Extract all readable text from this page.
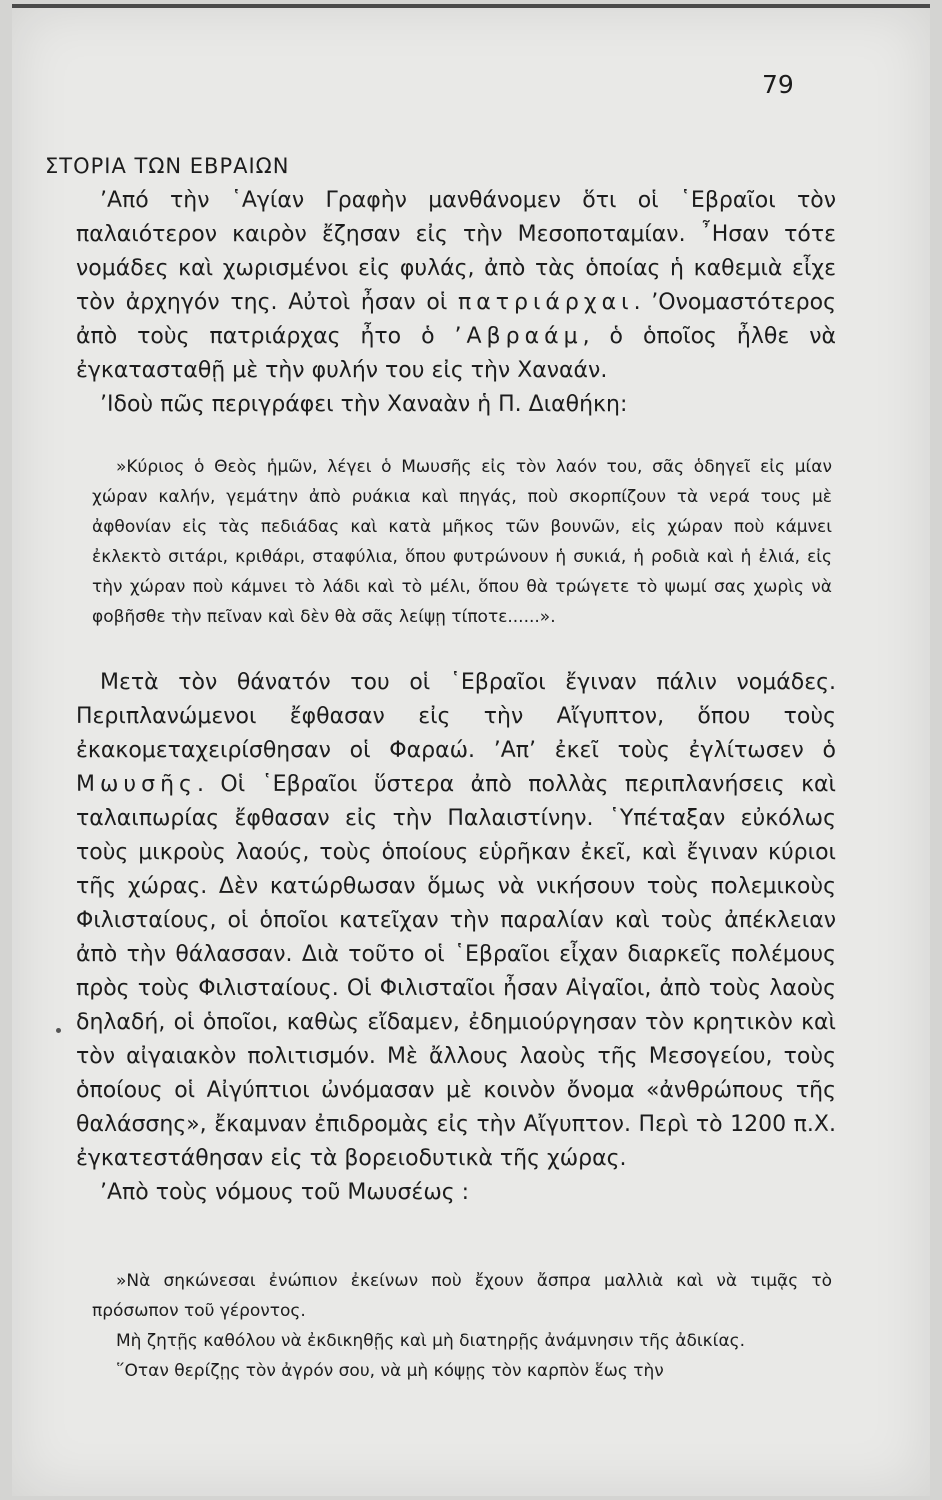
79
ΣΤΟΡΙΑ ΤΩΝ ΕΒΡΑΙΩΝ

’Από τὴν ῾Αγίαν Γραφὴν μανθάνομεν ὅτι οἱ ῾Εβραῖοι τὸν παλαιότερον καιρὸν ἔζησαν εἰς τὴν Μεσοποταμίαν. ῏Ησαν τότε νομάδες καὶ χωρισμένοι εἰς φυλάς, ἀπὸ τὰς ὁποίας ἡ καθεμιὰ εἶχε τὸν ἀρχηγόν της. Αὐτοὶ ἦσαν οἱ πατριάρχαι. ’Ονομαστότερος ἀπὸ τοὺς πατριάρχας ἦτο ὁ ’Αβραάμ, ὁ ὁποῖος ἦλθε νὰ ἐγκατασταθῇ μὲ τὴν φυλήν του εἰς τὴν Χαναάν.

’Ιδοὺ πῶς περιγράφει τὴν Χαναὰν ἡ Π. Διαθήκη:

»Κύριος ὁ Θεὸς ἡμῶν, λέγει ὁ Μωυσῆς εἰς τὸν λαόν του, σᾶς ὁδηγεῖ εἰς μίαν χώραν καλήν, γεμάτην ἀπὸ ρυάκια καὶ πηγάς, ποὺ σκορπίζουν τὰ νερά τους μὲ ἀφθονίαν εἰς τὰς πεδιάδας καὶ κατὰ μῆκος τῶν βουνῶν, εἰς χώραν ποὺ κάμνει ἐκλεκτὸ σιτάρι, κριθάρι, σταφύλια, ὅπου φυτρώνουν ἡ συκιά, ἡ ροδιὰ καὶ ἡ ἐλιά, εἰς τὴν χώραν ποὺ κάμνει τὸ λάδι καὶ τὸ μέλι, ὅπου θὰ τρώγετε τὸ ψωμί σας χωρὶς νὰ φοβῆσθε τὴν πεῖναν καὶ δὲν θὰ σᾶς λείψῃ τίποτε......».

Μετὰ τὸν θάνατόν του οἱ ῾Εβραῖοι ἔγιναν πάλιν νομάδες. Περιπλανώμενοι ἔφθασαν εἰς τὴν Αἴγυπτον, ὅπου τοὺς ἐκακομεταχειρίσθησαν οἱ Φαραώ. ’Απ’ ἐκεῖ τοὺς ἐγλίτωσεν ὁ Μωυσῆς. Οἱ ῾Εβραῖοι ὕστερα ἀπὸ πολλὰς περιπλανήσεις καὶ ταλαιπωρίας ἔφθασαν εἰς τὴν Παλαιστίνην. ῾Υπέταξαν εὐκόλως τοὺς μικροὺς λαούς, τοὺς ὁποίους εὑρῆκαν ἐκεῖ, καὶ ἔγιναν κύριοι τῆς χώρας. Δὲν κατώρθωσαν ὅμως νὰ νικήσουν τοὺς πολεμικοὺς Φιλισταίους, οἱ ὁποῖοι κατεῖχαν τὴν παραλίαν καὶ τοὺς ἀπέκλειαν ἀπὸ τὴν θάλασσαν. Διὰ τοῦτο οἱ ῾Εβραῖοι εἶχαν διαρκεῖς πολέμους πρὸς τοὺς Φιλισταίους. Οἱ Φιλισταῖοι ἦσαν Αἰγαῖοι, ἀπὸ τοὺς λαοὺς δηλαδή, οἱ ὁποῖοι, καθὼς εἴδαμεν, ἐδημιούργησαν τὸν κρητικὸν καὶ τὸν αἰγαιακὸν πολιτισμόν. Μὲ ἄλλους λαοὺς τῆς Μεσογείου, τοὺς ὁποίους οἱ Αἰγύπτιοι ὠνόμασαν μὲ κοινὸν ὄνομα «ἀνθρώπους τῆς θαλάσσης», ἔκαμναν ἐπιδρομὰς εἰς τὴν Αἴγυπτον. Περὶ τὸ 1200 π.Χ. ἐγκατεστάθησαν εἰς τὰ βορειοδυτικὰ τῆς χώρας.

’Απὸ τοὺς νόμους τοῦ Μωυσέως :

»Νὰ σηκώνεσαι ἐνώπιον ἐκείνων ποὺ ἔχουν ἄσπρα μαλλιὰ καὶ νὰ τιμᾷς τὸ πρόσωπον τοῦ γέροντος.

Μὴ ζητῇς καθόλου νὰ ἐκδικηθῇς καὶ μὴ διατηρῇς ἀνάμνησιν τῆς ἀδικίας.

῞Οταν θερίζῃς τὸν ἀγρόν σου, νὰ μὴ κόψῃς τὸν καρπὸν ἕως τὴν
